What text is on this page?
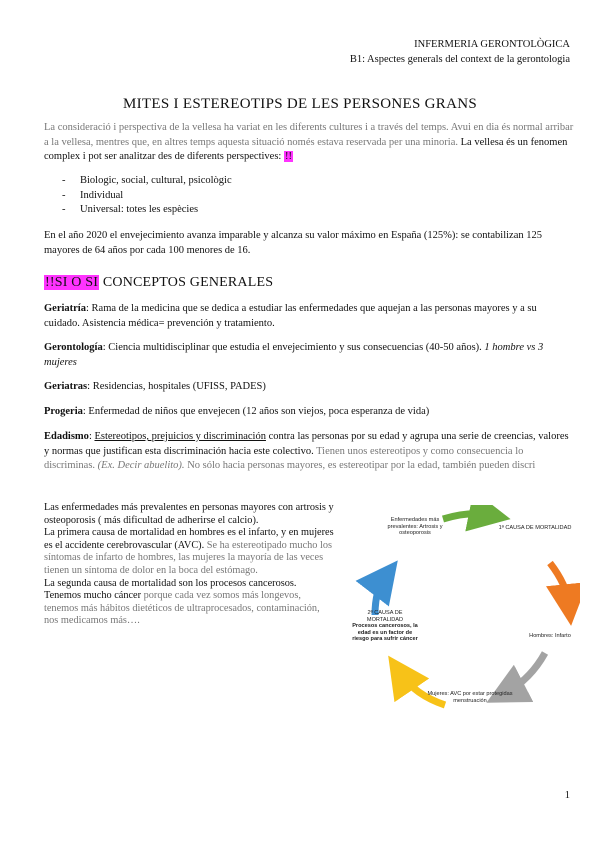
INFERMERIA GERONTOLÒGICA
B1: Aspectes generals del context de la gerontologia
MITES I ESTEREOTIPS DE LES PERSONES GRANS
La consideració i perspectiva de la vellesa ha variat en les diferents cultures i a través del temps. Avui en dia és normal arribar a la vellesa, mentres que, en altres temps aquesta situació només estava reservada per una minoria. La vellesa és un fenomen complex i pot ser analitzar des de diferents perspectives: !!
- Biologic, social, cultural, psicològic
- Individual
- Universal: totes les espècies
En el año 2020 el envejecimiento avanza imparable y alcanza su valor máximo en España (125%): se contabilizan 125 mayores de 64 años por cada 100 menores de 16.
!!SI O SI CONCEPTOS GENERALES
Geriatría: Rama de la medicina que se dedica a estudiar las enfermedades que aquejan a las personas mayores y a su cuidado. Asistencia médica= prevención y tratamiento.
Gerontología: Ciencia multidisciplinar que estudia el envejecimiento y sus consecuencias (40-50 años). 1 hombre vs 3 mujeres
Geriatras: Residencias, hospitales (UFISS, PADES)
Progeria: Enfermedad de niños que envejecen (12 años son viejos, poca esperanza de vida)
Edadismo: Estereotipos, prejuicios y discriminación contra las personas por su edad y agrupa una serie de creencias, valores y normas que justifican esta discriminación hacia este colectivo. Tienen unos estereotipos y como consecuencia lo discriminas. (Ex. Decir abuelito). No sólo hacia personas mayores, es estereotipar por la edad, también pueden discri
Las enfermedades más prevalentes en personas mayores con artrosis y osteoporosis ( más dificultad de adherirse el calcio).
La primera causa de mortalidad en hombres es el infarto, y en mujeres es el accidente cerebrovascular (AVC). Se ha estereotipado mucho los síntomas de infarto de hombres, las mujeres la mayoría de las veces tienen un síntoma de dolor en la boca del estómago.
La segunda causa de mortalidad son los procesos cancerosos. Tenemos mucho cáncer porque cada vez somos más longevos, tenemos más hábitos dietéticos de ultraprocesados, contaminación, nos medicamos más….
Enfermedades más prevalentes: Artrosis y osteoporosis
1ª CAUSA DE MORTALIDAD
Hombres: Infarto
Mujeres: AVC por estar protegidas menstruación
2ª CAUSA DE MORTALIDAD
Procesos cancerosos, la edad es un factor de riesgo para sufrir cáncer
1
